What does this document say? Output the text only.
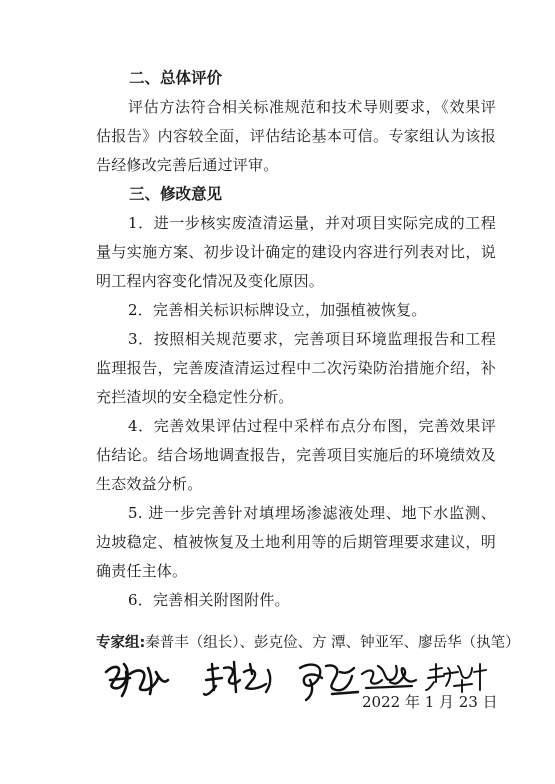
二、总体评价

评估方法符合相关标准规范和技术导则要求，《效果评估报告》内容较全面，评估结论基本可信。专家组认为该报告经修改完善后通过评审。

三、修改意见

1．进一步核实废渣清运量，并对项目实际完成的工程量与实施方案、初步设计确定的建设内容进行列表对比，说明工程内容变化情况及变化原因。

2．完善相关标识标牌设立，加强植被恢复。

3．按照相关规范要求，完善项目环境监理报告和工程监理报告，完善废渣清运过程中二次污染防治措施介绍，补充拦渣坝的安全稳定性分析。

4．完善效果评估过程中采样布点分布图，完善效果评估结论。结合场地调查报告，完善项目实施后的环境绩效及生态效益分析。

5. 进一步完善针对填埋场渗滤液处理、地下水监测、边坡稳定、植被恢复及土地利用等的后期管理要求建议，明确责任主体。

6．完善相关附图附件。

专家组:秦普丰（组长）、彭克俭、方 潭、钟亚军、廖岳华（执笔）
2022 年 1 月 23 日
